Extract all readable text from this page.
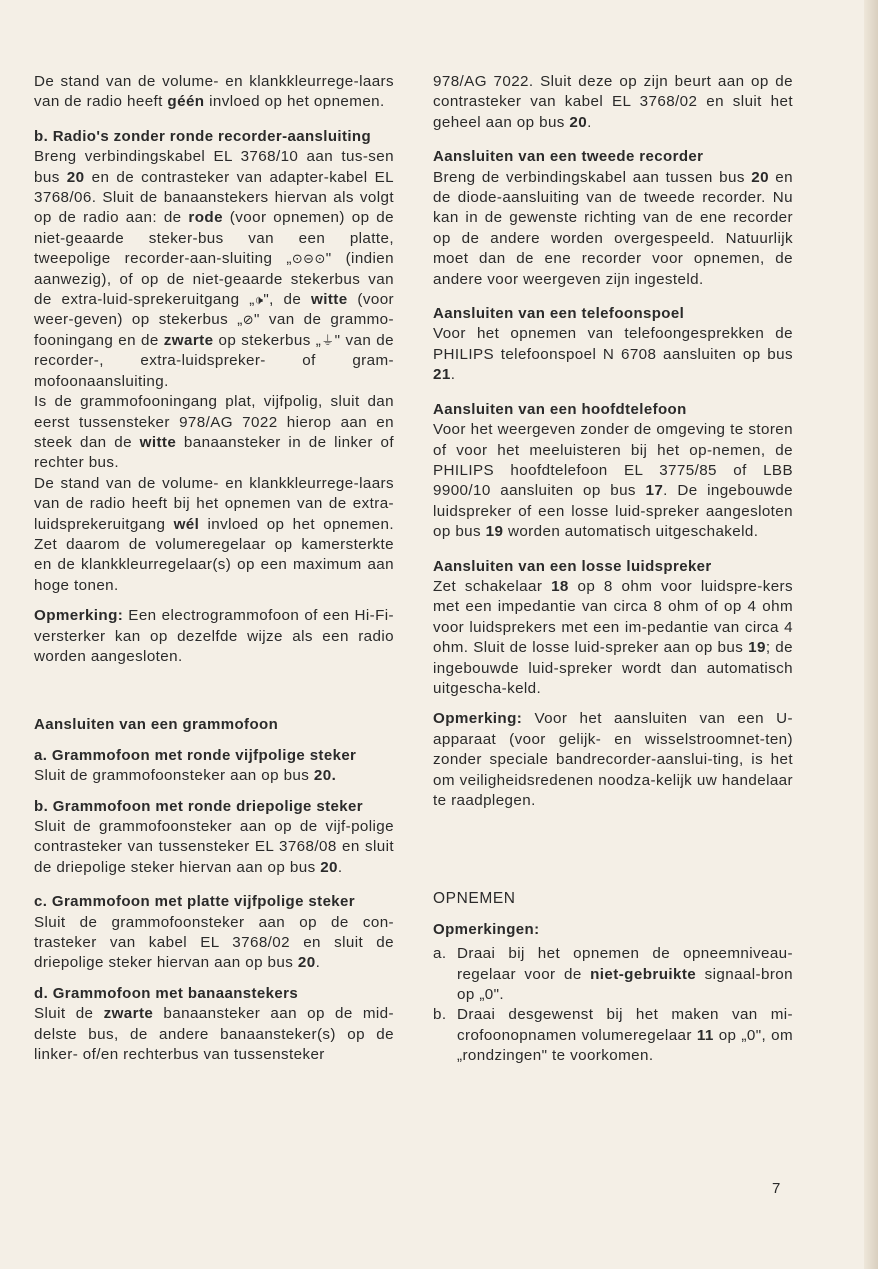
De stand van de volume- en klankkleurrege-laars van de radio heeft géén invloed op het opnemen.

b. Radio's zonder ronde recorder-aansluiting

Breng verbindingskabel EL 3768/10 aan tus-sen bus 20 en de contrasteker van adapter-kabel EL 3768/06. Sluit de banaanstekers hiervan als volgt op de radio aan: de rode (voor opnemen) op de niet-geaarde steker-bus van een platte, tweepolige recorder-aan-sluiting „⊙⊝⊙" (indien aanwezig), of op de niet-geaarde stekerbus van de extra-luid-sprekeruitgang „🕩", de witte (voor weer-geven) op stekerbus „⊘" van de grammo-fooningang en de zwarte op stekerbus „⏚" van de recorder-, extra-luidspreker- of gram-mofoonaansluiting.

Is de grammofooningang plat, vijfpolig, sluit dan eerst tussensteker 978/AG 7022 hierop aan en steek dan de witte banaansteker in de linker of rechter bus.

De stand van de volume- en klankkleurrege-laars van de radio heeft bij het opnemen van de extra-luidsprekeruitgang wél invloed op het opnemen. Zet daarom de volumeregelaar op kamersterkte en de klankkleurregelaar(s) op een maximum aan hoge tonen.

Opmerking: Een electrogrammofoon of een Hi-Fi-versterker kan op dezelfde wijze als een radio worden aangesloten.

Aansluiten van een grammofoon

a. Grammofoon met ronde vijfpolige steker

Sluit de grammofoonsteker aan op bus 20.

b. Grammofoon met ronde driepolige steker

Sluit de grammofoonsteker aan op de vijf-polige contrasteker van tussensteker EL 3768/08 en sluit de driepolige steker hiervan aan op bus 20.

c. Grammofoon met platte vijfpolige steker

Sluit de grammofoonsteker aan op de con-trasteker van kabel EL 3768/02 en sluit de driepolige steker hiervan aan op bus 20.

d. Grammofoon met banaanstekers

Sluit de zwarte banaansteker aan op de mid-delste bus, de andere banaansteker(s) op de linker- of/en rechterbus van tussensteker

978/AG 7022. Sluit deze op zijn beurt aan op de contrasteker van kabel EL 3768/02 en sluit het geheel aan op bus 20.

Aansluiten van een tweede recorder

Breng de verbindingskabel aan tussen bus 20 en de diode-aansluiting van de tweede recorder. Nu kan in de gewenste richting van de ene recorder op de andere worden overgespeeld. Natuurlijk moet dan de ene recorder voor opnemen, de andere voor weergeven zijn ingesteld.

Aansluiten van een telefoonspoel

Voor het opnemen van telefoongesprekken de PHILIPS telefoonspoel N 6708 aansluiten op bus 21.

Aansluiten van een hoofdtelefoon

Voor het weergeven zonder de omgeving te storen of voor het meeluisteren bij het op-nemen, de PHILIPS hoofdtelefoon EL 3775/85 of LBB 9900/10 aansluiten op bus 17. De ingebouwde luidspreker of een losse luid-spreker aangesloten op bus 19 worden automatisch uitgeschakeld.

Aansluiten van een losse luidspreker

Zet schakelaar 18 op 8 ohm voor luidspre-kers met een impedantie van circa 8 ohm of op 4 ohm voor luidsprekers met een im-pedantie van circa 4 ohm. Sluit de losse luid-spreker aan op bus 19; de ingebouwde luid-spreker wordt dan automatisch uitgescha-keld.

Opmerking: Voor het aansluiten van een U-apparaat (voor gelijk- en wisselstroomnet-ten) zonder speciale bandrecorder-aanslui-ting, is het om veiligheidsredenen noodza-kelijk uw handelaar te raadplegen.

OPNEMEN

Opmerkingen:

a. Draai bij het opnemen de opneemniveau-regelaar voor de niet-gebruikte signaal-bron op „0".
b. Draai desgewenst bij het maken van mi-crofoonopnamen volumeregelaar 11 op „0", om „rondzingen" te voorkomen.
7
